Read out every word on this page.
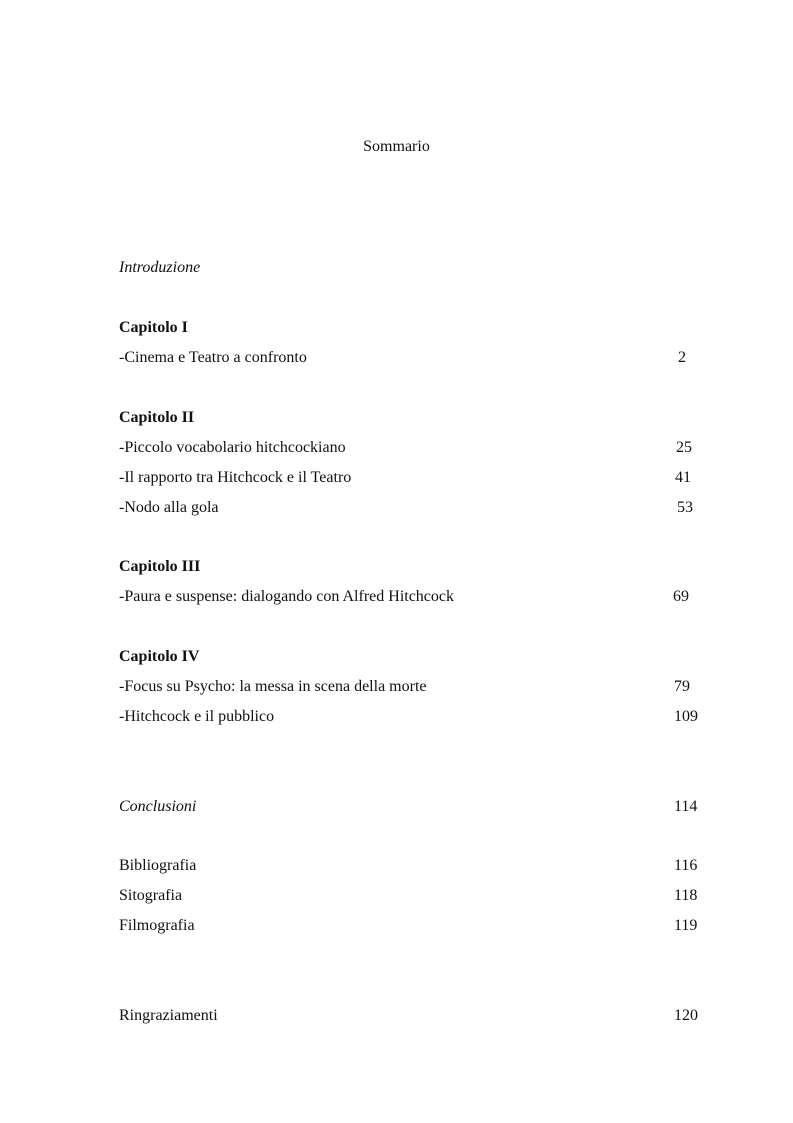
Sommario
Introduzione
Capitolo I
-Cinema e Teatro a confronto	2
Capitolo II
-Piccolo vocabolario hitchcockiano	25
-Il rapporto tra Hitchcock e il Teatro	41
-Nodo alla gola	53
Capitolo III
-Paura e suspense: dialogando con Alfred Hitchcock	69
Capitolo IV
-Focus su Psycho: la messa in scena della morte	79
-Hitchcock e il pubblico	109
Conclusioni	114
Bibliografia	116
Sitografia	118
Filmografia	119
Ringraziamenti	120
